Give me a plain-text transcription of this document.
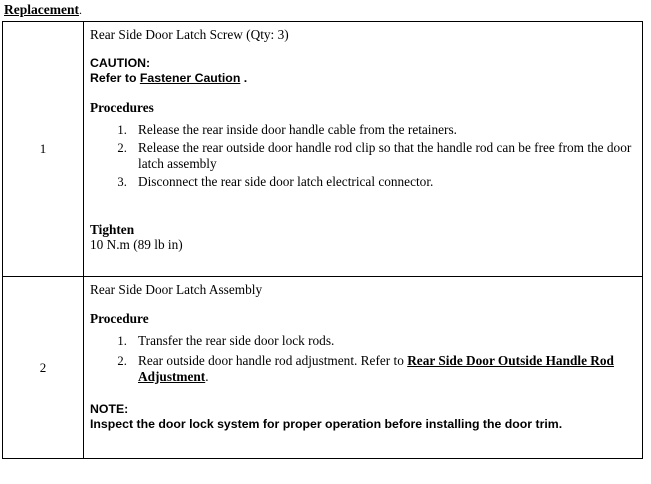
Replacement.
1	
Rear Side Door Latch Screw (Qty: 3)
CAUTION:
Refer to Fastener Caution .
Procedures
1. Release the rear inside door handle cable from the retainers.
2. Release the rear outside door handle rod clip so that the handle rod can be free from the door latch assembly
3. Disconnect the rear side door latch electrical connector.
Tighten
10 N.m (89 lb in)

2	
Rear Side Door Latch Assembly
Procedure
1. Transfer the rear side door lock rods.
2. Rear outside door handle rod adjustment. Refer to Rear Side Door Outside Handle Rod Adjustment.
NOTE:
Inspect the door lock system for proper operation before installing the door trim.
